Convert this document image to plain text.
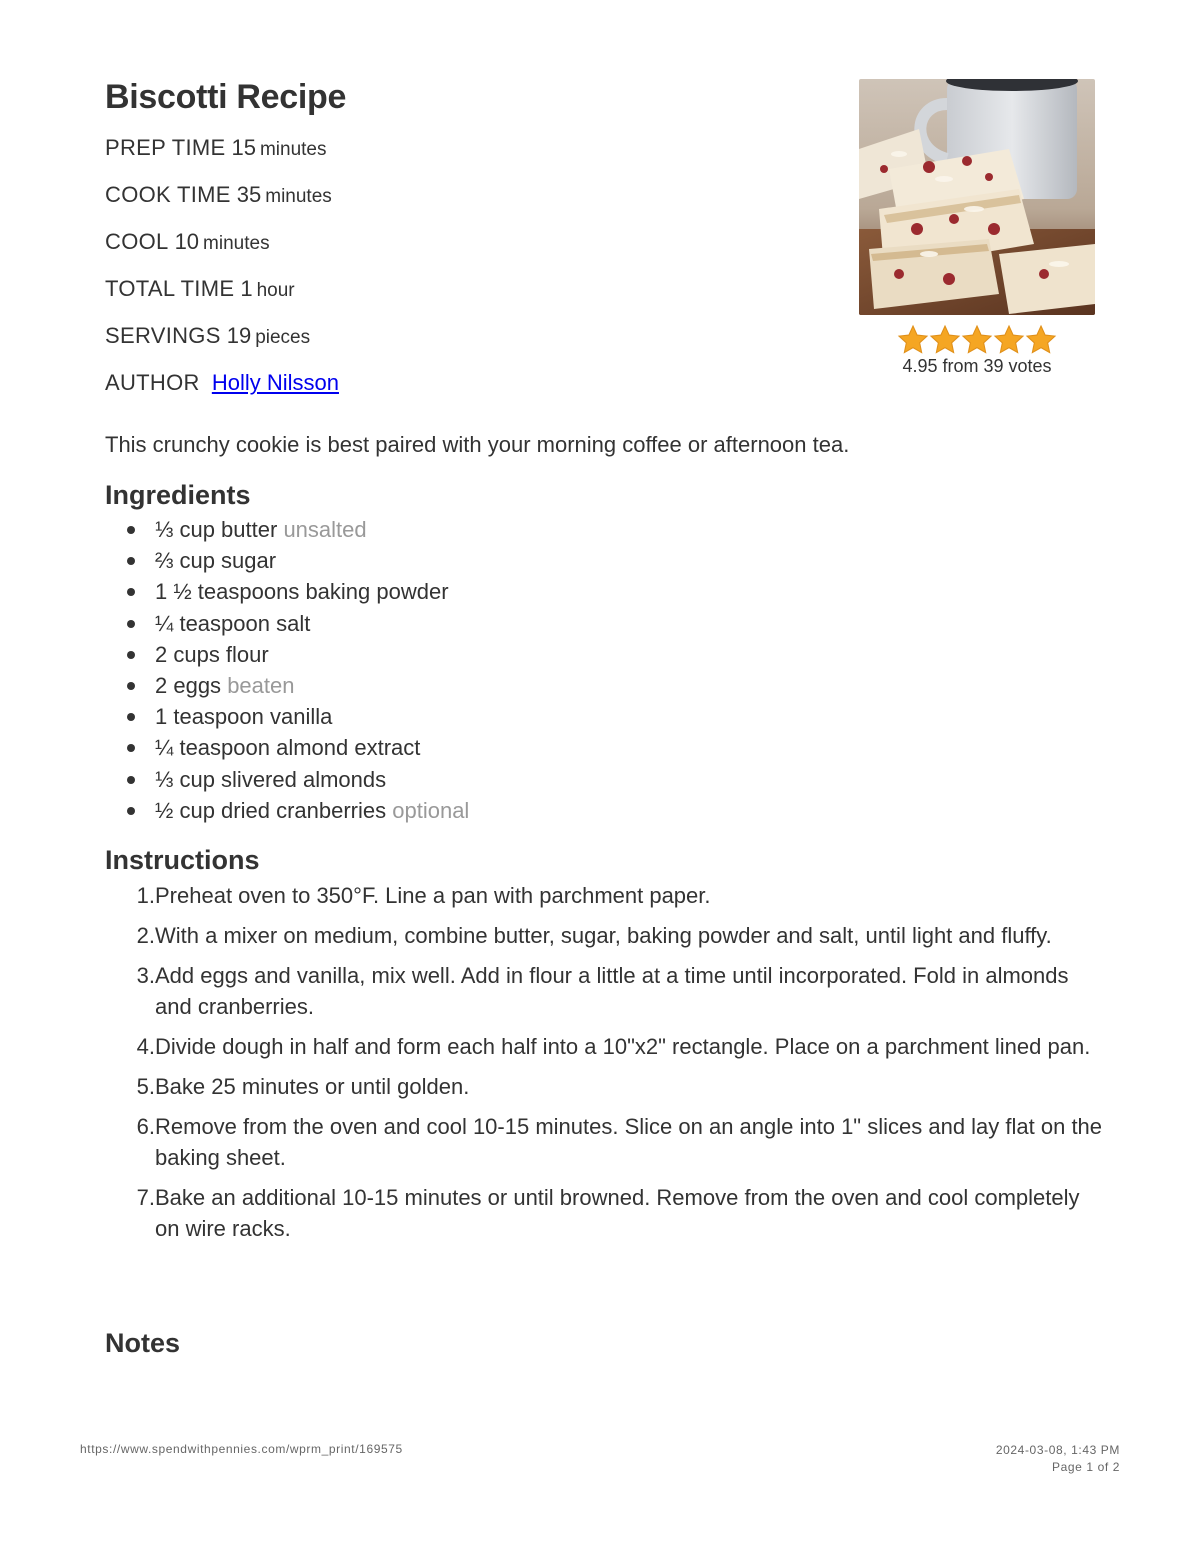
Biscotti Recipe
PREP TIME 15 minutes
COOK TIME 35 minutes
COOL 10 minutes
TOTAL TIME 1 hour
SERVINGS 19 pieces
AUTHOR Holly Nilsson
4.95 from 39 votes

This crunchy cookie is best paired with your morning coffee or afternoon tea.

Ingredients
⅓ cup butter unsalted
⅔ cup sugar
1 ½ teaspoons baking powder
¼ teaspoon salt
2 cups flour
2 eggs beaten
1 teaspoon vanilla
¼ teaspoon almond extract
⅓ cup slivered almonds
½ cup dried cranberries optional
Instructions
1. Preheat oven to 350°F. Line a pan with parchment paper.
2. With a mixer on medium, combine butter, sugar, baking powder and salt, until light and fluffy.
3. Add eggs and vanilla, mix well. Add in flour a little at a time until incorporated. Fold in almonds and cranberries.
4. Divide dough in half and form each half into a 10"x2" rectangle. Place on a parchment lined pan.
5. Bake 25 minutes or until golden.
6. Remove from the oven and cool 10-15 minutes. Slice on an angle into 1" slices and lay flat on the baking sheet.
7. Bake an additional 10-15 minutes or until browned. Remove from the oven and cool completely on wire racks.
Notes
https://www.spendwithpennies.com/wprm_print/169575	2024-03-08, 1:43 PM
Page 1 of 2
